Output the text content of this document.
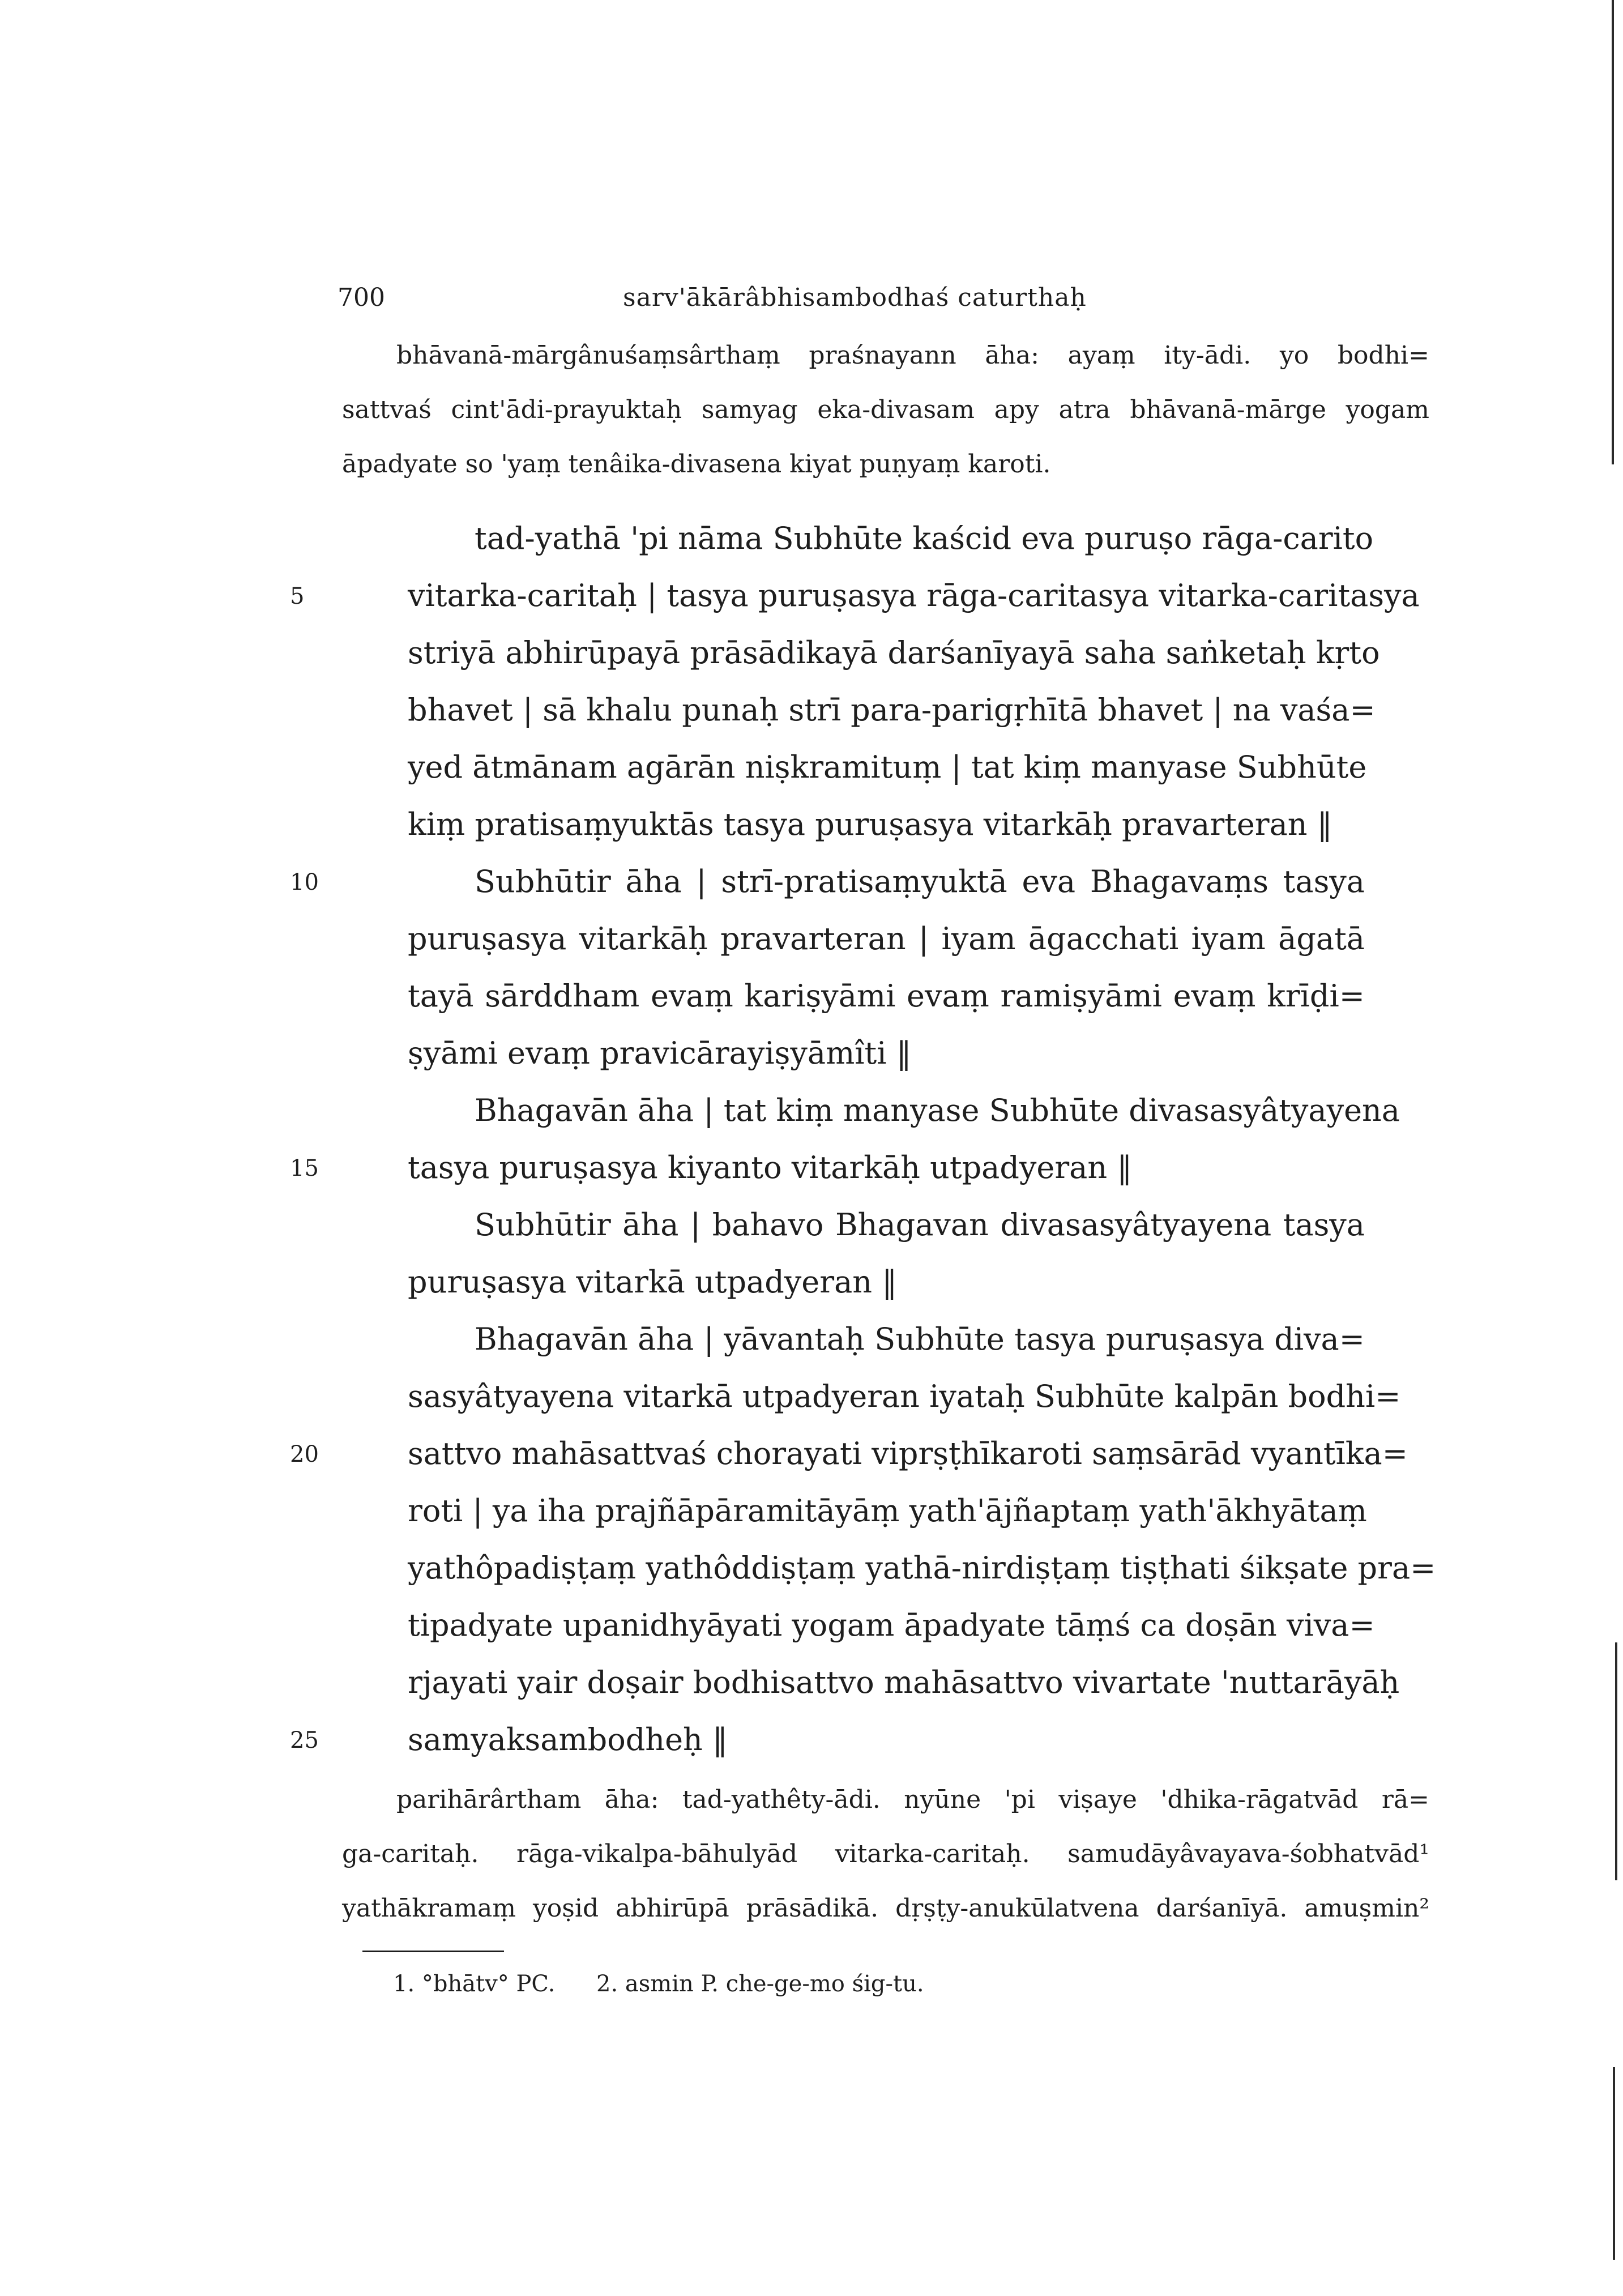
700	sarv'ākārâbhisambodhaś caturthaḥ
bhāvanā-mārgânuśaṃsârthaṃ praśnayann āha: ayaṃ ity-ādi. yo bodhi=
sattvaś cint'ādi-prayuktaḥ samyag eka-divasam apy atra bhāvanā-mārge yogam
āpadyate so 'yaṃ tenâika-divasena kiyat puṇyaṃ karoti.
tad-yathā 'pi nāma Subhūte kaścid eva puruṣo rāga-carito
vitarka-caritaḥ | tasya puruṣasya rāga-caritasya vitarka-caritasya
striyā abhirūpayā prāsādikayā darśanīyayā saha saṅketaḥ kṛto
bhavet | sā khalu punaḥ strī para-parigṛhītā bhavet | na vaśa=
yed ātmānam agārān niṣkramituṃ | tat kiṃ manyase Subhūte
kiṃ pratisaṃyuktās tasya puruṣasya vitarkāḥ pravarteran ‖
Subhūtir āha | strī-pratisaṃyuktā eva Bhagavaṃs tasya
puruṣasya vitarkāḥ pravarteran | iyam āgacchati iyam āgatā
tayā sārddham evaṃ kariṣyāmi evaṃ ramiṣyāmi evaṃ krīḍi=
ṣyāmi evaṃ pravicārayiṣyāmîti ‖
Bhagavān āha | tat kiṃ manyase Subhūte divasasyâtyayena
tasya puruṣasya kiyanto vitarkāḥ utpadyeran ‖
Subhūtir āha | bahavo Bhagavan divasasyâtyayena tasya
puruṣasya vitarkā utpadyeran ‖
Bhagavān āha | yāvantaḥ Subhūte tasya puruṣasya diva=
sasyâtyayena vitarkā utpadyeran iyataḥ Subhūte kalpān bodhi=
sattvo mahāsattvaś chorayati viprṣṭhīkaroti saṃsārād vyantīka=
roti | ya iha prajñāpāramitāyāṃ yath'ājñaptaṃ yath'ākhyātaṃ
yathôpadiṣṭaṃ yathôddiṣṭaṃ yathā-nirdiṣṭaṃ tiṣṭhati śikṣate pra=
tipadyate upanidhyāyati yogam āpadyate tāṃś ca doṣān viva=
rjayati yair doṣair bodhisattvo mahāsattvo vivartate 'nuttarāyāḥ
samyaksambodheḥ ‖
5
10
15
20
25
parihārârtham āha: tad-yathêty-ādi. nyūne 'pi viṣaye 'dhika-rāgatvād rā=
ga-caritaḥ. rāga-vikalpa-bāhulyād vitarka-caritaḥ. samudāyâvayava-śobhatvād¹
yathākramaṃ yoṣid abhirūpā prāsādikā. dṛṣṭy-anukūlatvena darśanīyā. amuṣmin²
1. °bhātv° PC. 2. asmin P. che-ge-mo śig-tu.
